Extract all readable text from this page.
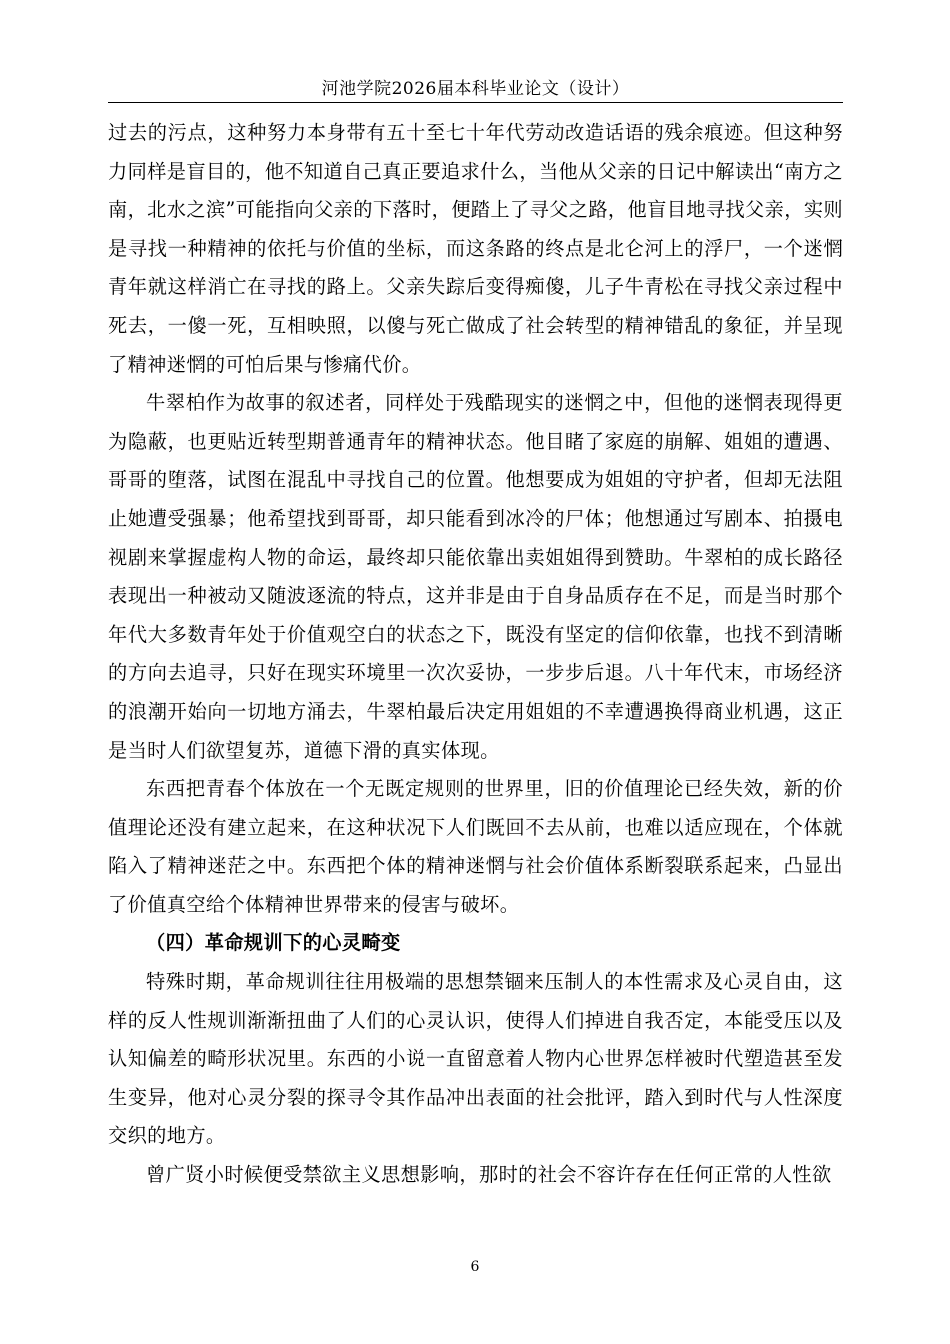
河池学院2026届本科毕业论文（设计）

过去的污点，这种努力本身带有五十至七十年代劳动改造话语的残余痕迹。但这种努力同样是盲目的，他不知道自己真正要追求什么，当他从父亲的日记中解读出“南方之南，北水之滨”可能指向父亲的下落时，便踏上了寻父之路，他盲目地寻找父亲，实则是寻找一种精神的依托与价值的坐标，而这条路的终点是北仑河上的浮尸，一个迷惘青年就这样消亡在寻找的路上。父亲失踪后变得痴傻，儿子牛青松在寻找父亲过程中死去，一傻一死，互相映照，以傻与死亡做成了社会转型的精神错乱的象征，并呈现了精神迷惘的可怕后果与惨痛代价。

牛翠柏作为故事的叙述者，同样处于残酷现实的迷惘之中，但他的迷惘表现得更为隐蔽，也更贴近转型期普通青年的精神状态。他目睹了家庭的崩解、姐姐的遭遇、哥哥的堕落，试图在混乱中寻找自己的位置。他想要成为姐姐的守护者，但却无法阻止她遭受强暴；他希望找到哥哥，却只能看到冰冷的尸体；他想通过写剧本、拍摄电视剧来掌握虚构人物的命运，最终却只能依靠出卖姐姐得到赞助。牛翠柏的成长路径表现出一种被动又随波逐流的特点，这并非是由于自身品质存在不足，而是当时那个年代大多数青年处于价值观空白的状态之下，既没有坚定的信仰依靠，也找不到清晰的方向去追寻，只好在现实环境里一次次妥协，一步步后退。八十年代末，市场经济的浪潮开始向一切地方涌去，牛翠柏最后决定用姐姐的不幸遭遇换得商业机遇，这正是当时人们欲望复苏，道德下滑的真实体现。

东西把青春个体放在一个无既定规则的世界里，旧的价值理论已经失效，新的价值理论还没有建立起来，在这种状况下人们既回不去从前，也难以适应现在，个体就陷入了精神迷茫之中。东西把个体的精神迷惘与社会价值体系断裂联系起来，凸显出了价值真空给个体精神世界带来的侵害与破坏。

（四）革命规训下的心灵畸变

特殊时期，革命规训往往用极端的思想禁锢来压制人的本性需求及心灵自由，这样的反人性规训渐渐扭曲了人们的心灵认识，使得人们掉进自我否定，本能受压以及认知偏差的畸形状况里。东西的小说一直留意着人物内心世界怎样被时代塑造甚至发生变异，他对心灵分裂的探寻令其作品冲出表面的社会批评，踏入到时代与人性深度交织的地方。

曾广贤小时候便受禁欲主义思想影响，那时的社会不容许存在任何正常的人性欲

6
